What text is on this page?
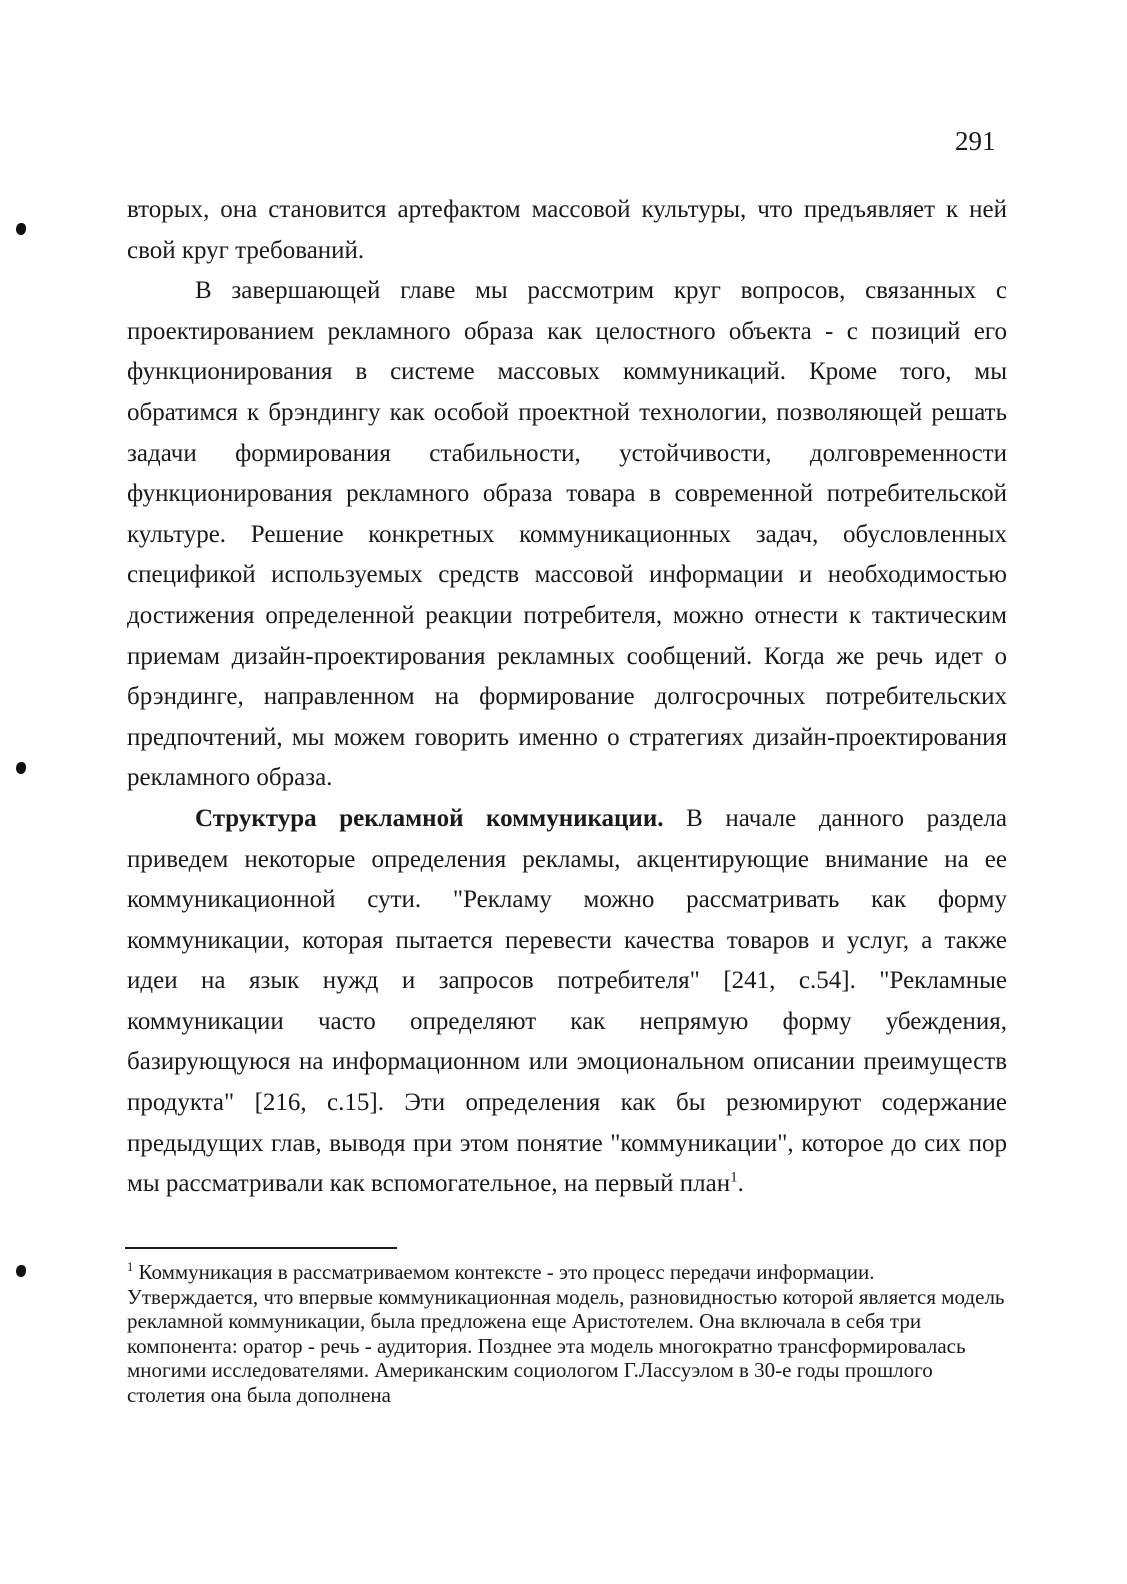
291

вторых, она становится артефактом массовой культуры, что предъявляет к ней свой круг требований.

В завершающей главе мы рассмотрим круг вопросов, связанных с проектированием рекламного образа как целостного объекта - с позиций его функционирования в системе массовых коммуникаций. Кроме того, мы обратимся к брэндингу как особой проектной технологии, позволяющей решать задачи формирования стабильности, устойчивости, долговременности функционирования рекламного образа товара в современной потребительской культуре. Решение конкретных коммуникационных задач, обусловленных спецификой используемых средств массовой информации и необходимостью достижения определенной реакции потребителя, можно отнести к тактическим приемам дизайн-проектирования рекламных сообщений. Когда же речь идет о брэндинге, направленном на формирование долгосрочных потребительских предпочтений, мы можем говорить именно о стратегиях дизайн-проектирования рекламного образа.

Структура рекламной коммуникации. В начале данного раздела приведем некоторые определения рекламы, акцентирующие внимание на ее коммуникационной сути. "Рекламу можно рассматривать как форму коммуникации, которая пытается перевести качества товаров и услуг, а также идеи на язык нужд и запросов потребителя" [241, с.54]. "Рекламные коммуникации часто определяют как непрямую форму убеждения, базирующуюся на информационном или эмоциональном описании преимуществ продукта" [216, с.15]. Эти определения как бы резюмируют содержание предыдущих глав, выводя при этом понятие "коммуникации", которое до сих пор мы рассматривали как вспомогательное, на первый план$^1$.

$^1$ Коммуникация в рассматриваемом контексте - это процесс передачи информации. Утверждается, что впервые коммуникационная модель, разновидностью которой является модель рекламной коммуникации, была предложена еще Аристотелем. Она включала в себя три компонента: оратор - речь - аудитория. Позднее эта модель многократно трансформировалась многими исследователями. Американским социологом Г.Лассуэлом в 30-е годы прошлого столетия она была дополнена
